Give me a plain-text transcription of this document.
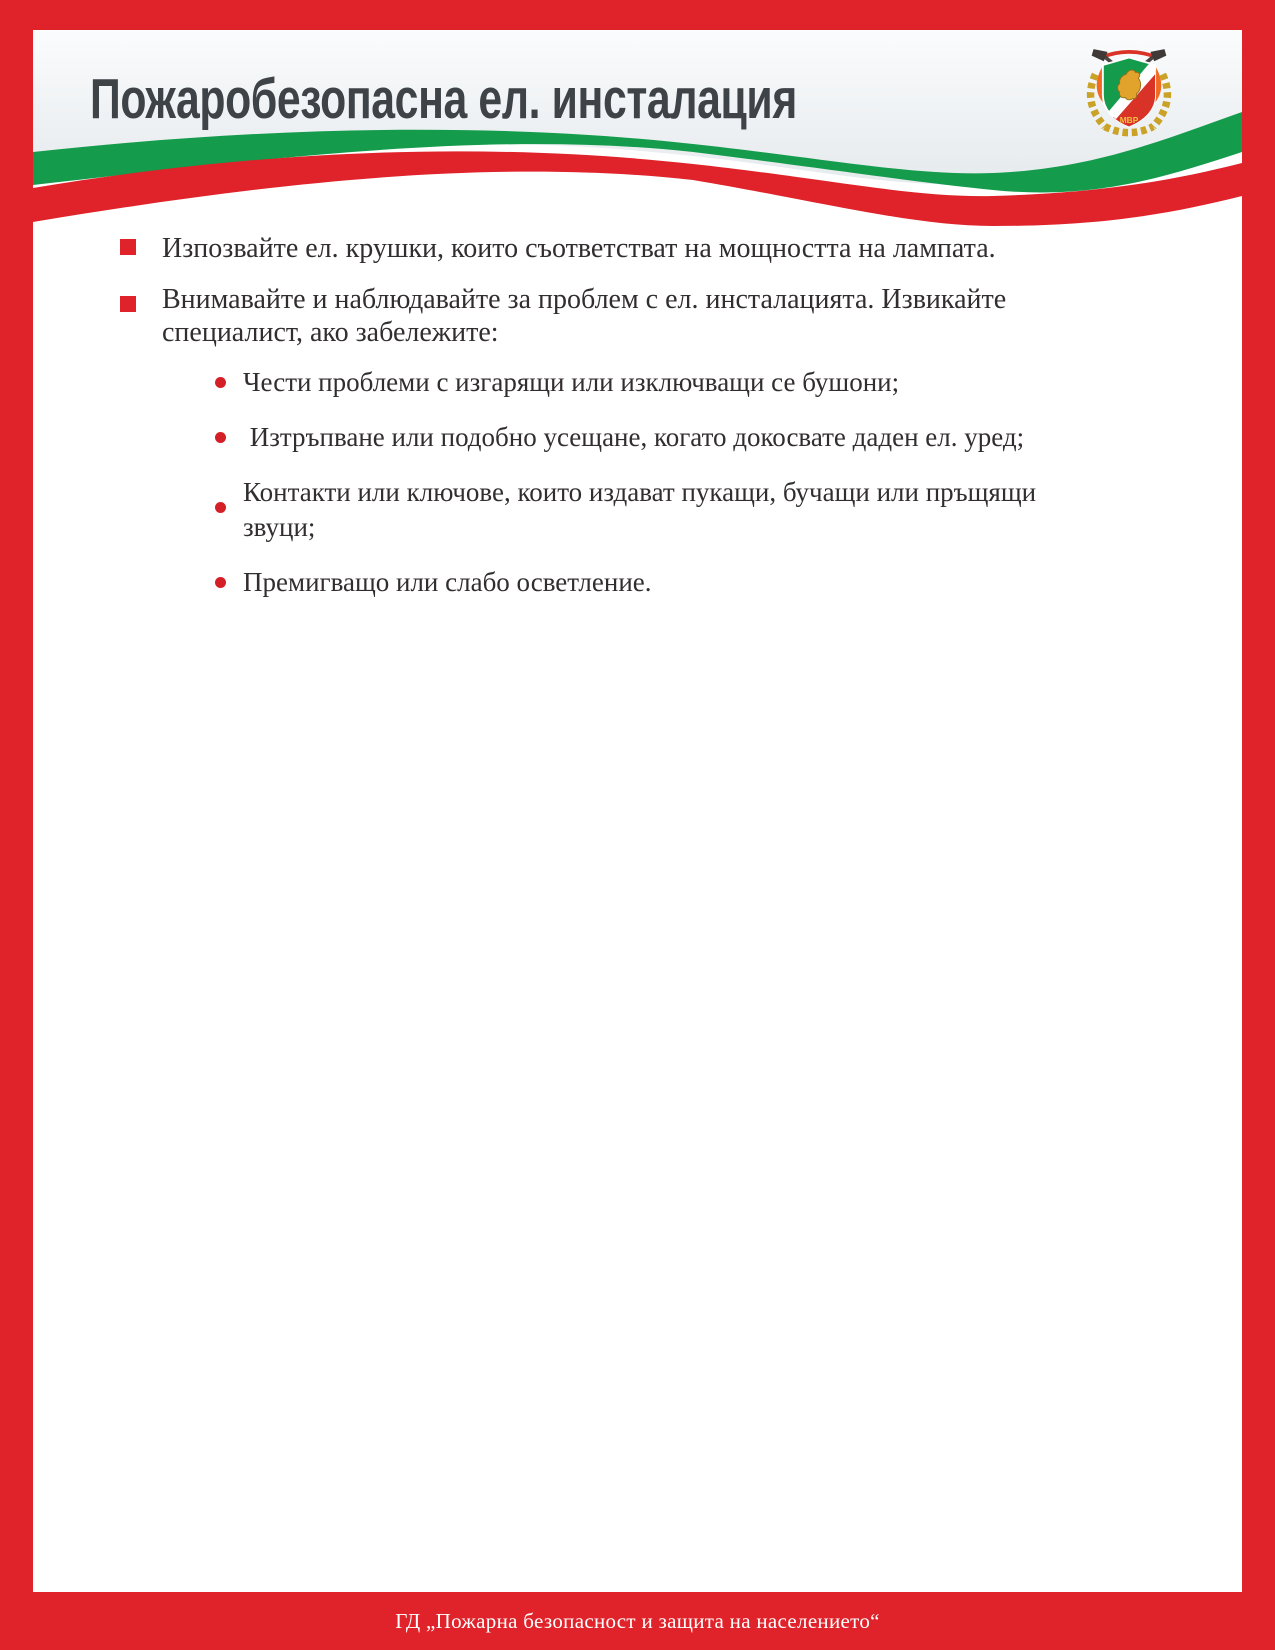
Пожаробезопасна ел. инсталация	МВР

Изпозвайте ел. крушки, които съответстват на мощността на лампата.

Внимавайте и наблюдавайте за проблем с ел. инсталацията. Извикайте специалист, ако забележите:

Чести проблеми с изгарящи или изключващи се бушони;

Изтръпване или подобно усещане, когато докосвате даден ел. уред;

Контакти или ключове, които издават пукащи, бучащи или пръщящи звуци;

Премигващо или слабо осветление.

ГД „Пожарна безопасност и защита на населението“
